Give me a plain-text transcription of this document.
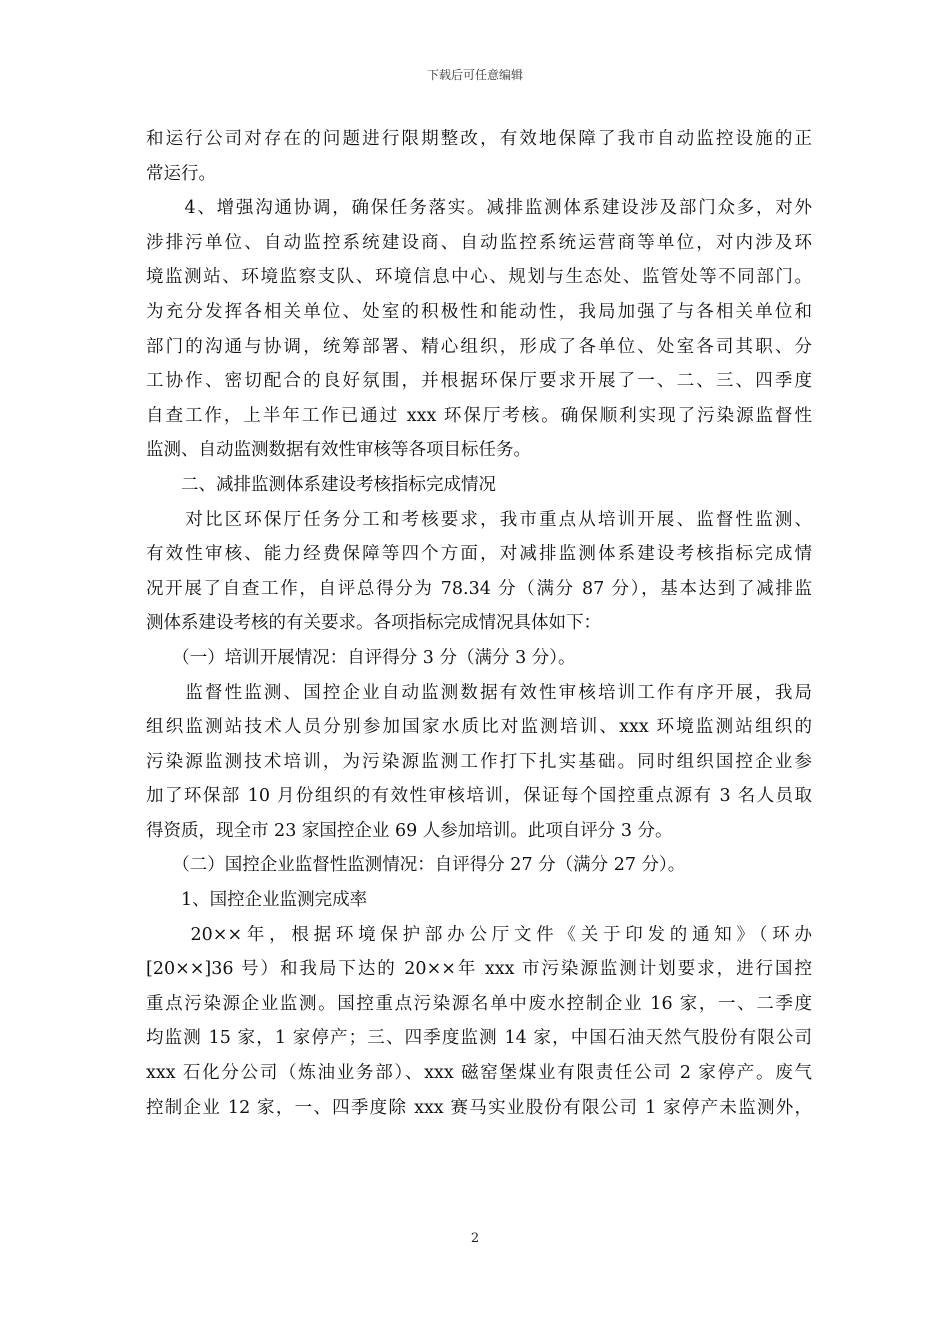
下载后可任意编辑
和运行公司对存在的问题进行限期整改，有效地保障了我市自动监控设施的正
常运行。
　　4、增强沟通协调，确保任务落实。减排监测体系建设涉及部门众多，对外
涉排污单位、自动监控系统建设商、自动监控系统运营商等单位，对内涉及环
境监测站、环境监察支队、环境信息中心、规划与生态处、监管处等不同部门。
为充分发挥各相关单位、处室的积极性和能动性，我局加强了与各相关单位和
部门的沟通与协调，统筹部署、精心组织，形成了各单位、处室各司其职、分
工协作、密切配合的良好氛围，并根据环保厅要求开展了一、二、三、四季度
自查工作，上半年工作已通过 xxx 环保厅考核。确保顺利实现了污染源监督性
监测、自动监测数据有效性审核等各项目标任务。
　　二、减排监测体系建设考核指标完成情况
　　对比区环保厅任务分工和考核要求，我市重点从培训开展、监督性监测、
有效性审核、能力经费保障等四个方面，对减排监测体系建设考核指标完成情
况开展了自查工作，自评总得分为 78.34 分（满分 87 分），基本达到了减排监
测体系建设考核的有关要求。各项指标完成情况具体如下：
　　（一）培训开展情况：自评得分 3 分（满分 3 分）。
　　监督性监测、国控企业自动监测数据有效性审核培训工作有序开展，我局
组织监测站技术人员分别参加国家水质比对监测培训、xxx 环境监测站组织的
污染源监测技术培训，为污染源监测工作打下扎实基础。同时组织国控企业参
加了环保部 10 月份组织的有效性审核培训，保证每个国控重点源有 3 名人员取
得资质，现全市 23 家国控企业 69 人参加培训。此项自评分 3 分。
　　（二）国控企业监督性监测情况：自评得分 27 分（满分 27 分）。
　　1、国控企业监测完成率
　　20××年，根据环境保护部办公厅文件《关于印发的通知》（环办
[20××]36 号）和我局下达的 20××年 xxx 市污染源监测计划要求，进行国控
重点污染源企业监测。国控重点污染源名单中废水控制企业 16 家，一、二季度
均监测 15 家，1 家停产；三、四季度监测 14 家，中国石油天然气股份有限公司
xxx 石化分公司（炼油业务部）、xxx 磁窑堡煤业有限责任公司 2 家停产。废气
控制企业 12 家，一、四季度除 xxx 赛马实业股份有限公司 1 家停产未监测外，
2
